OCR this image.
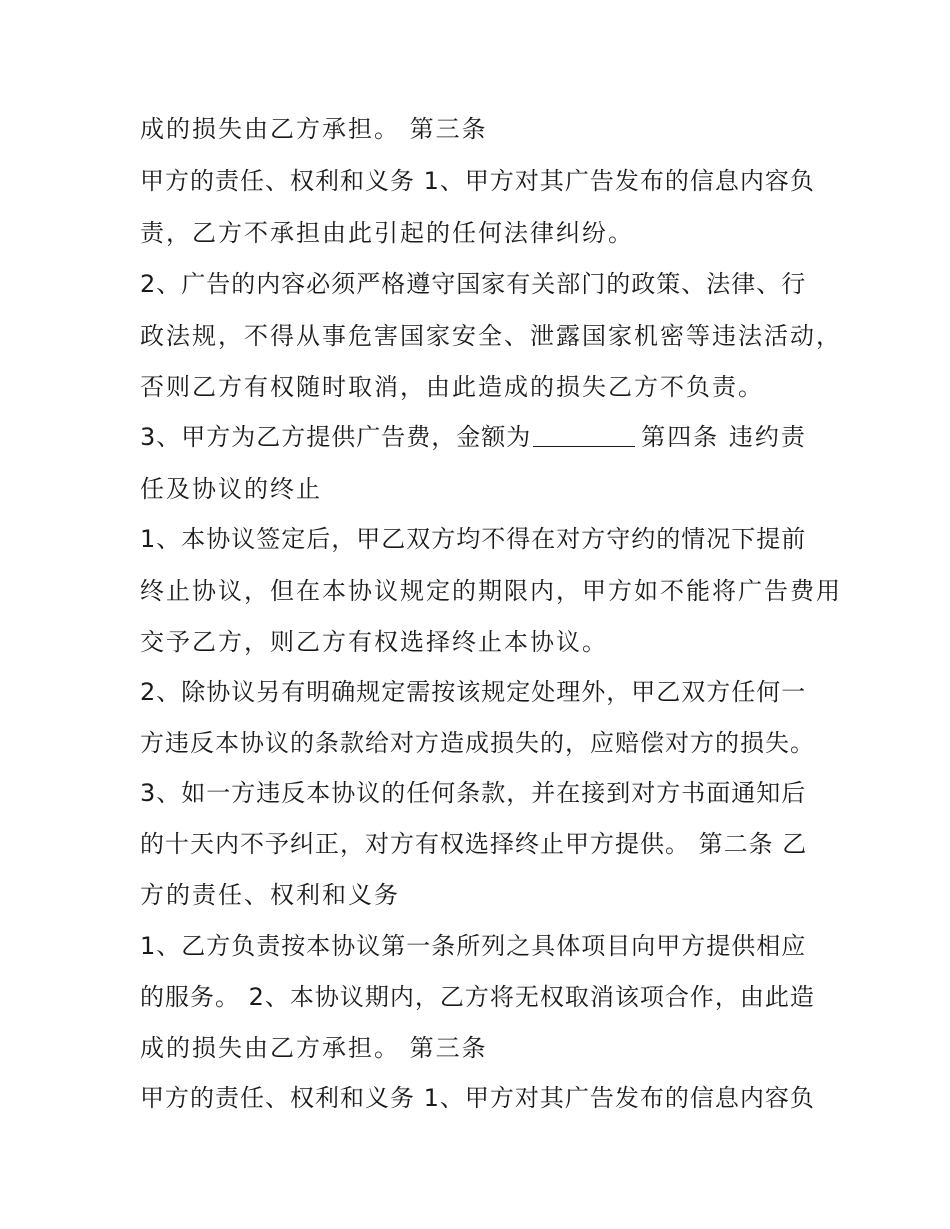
成的损失由乙方承担。 第三条
甲方的责任、权利和义务 1、甲方对其广告发布的信息内容负
责，乙方不承担由此引起的任何法律纠纷。
2、广告的内容必须严格遵守国家有关部门的政策、法律、行
政法规，不得从事危害国家安全、泄露国家机密等违法活动，
否则乙方有权随时取消，由此造成的损失乙方不负责。
3、甲方为乙方提供广告费，金额为	第四条 违约责
任及协议的终止
1、本协议签定后，甲乙双方均不得在对方守约的情况下提前
终止协议，但在本协议规定的期限内，甲方如不能将广告费用
交予乙方，则乙方有权选择终止本协议。
2、除协议另有明确规定需按该规定处理外，甲乙双方任何一
方违反本协议的条款给对方造成损失的，应赔偿对方的损失。
3、如一方违反本协议的任何条款，并在接到对方书面通知后
的十天内不予纠正，对方有权选择终止甲方提供。 第二条 乙
方的责任、权利和义务
1、乙方负责按本协议第一条所列之具体项目向甲方提供相应
的服务。 2、本协议期内，乙方将无权取消该项合作，由此造
成的损失由乙方承担。 第三条
甲方的责任、权利和义务 1、甲方对其广告发布的信息内容负
